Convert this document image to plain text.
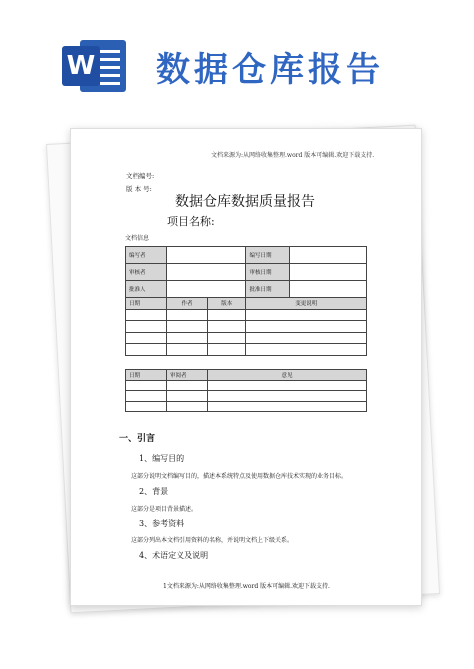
W 数据仓库报告
文档来源为:从网络收集整理.word 版本可编辑.欢迎下载支持.
文档编号:
版 本 号:
数据仓库数据质量报告
项目名称:
文档信息
编写者		编写日期	
审核者		审核日期	
批准人		批准日期	
日期	作者	版本	变更说明

日期	审阅者	意见

一、引言
1、编写目的
这部分说明文档编写目的，描述本系统特点及使用数据仓库技术实现的业务目标。
2、背景
这部分是项目背景描述。
3、参考资料
这部分列出本文档引用资料的名称，并说明文档上下级关系。
4、术语定义及说明
1文档来源为:从网络收集整理.word 版本可编辑.欢迎下载支持.
